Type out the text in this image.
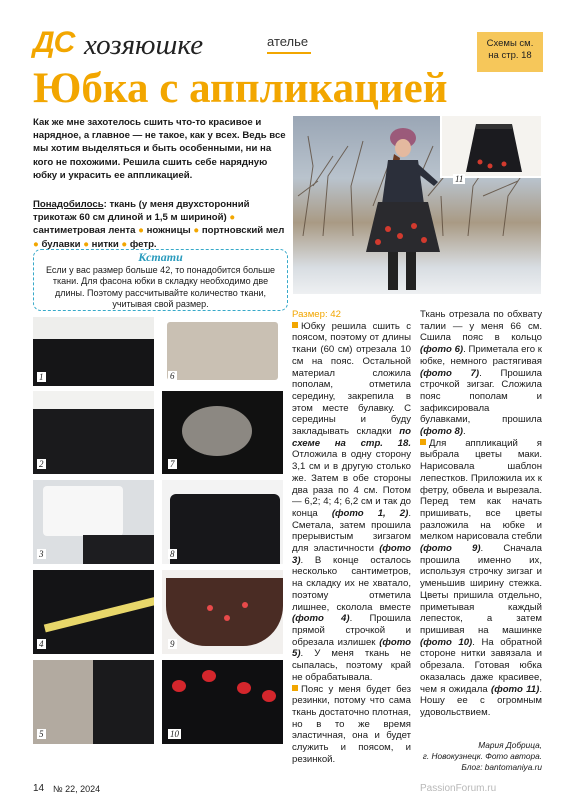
ДС хозяюшке	ателье	Схемы см.
на стр. 18
Юбка с аппликацией
Как же мне захотелось сшить что-то красивое и нарядное, а главное — не такое, как у всех. Ведь все мы хотим выделяться и быть особенными, ни на кого не похожими. Решила сшить себе нарядную юбку и украсить ее аппликацией.
Понадобилось: ткань (у меня двухсторонний трикотаж 60 см длиной и 1,5 м шириной) ● сантиметровая лента ● ножницы ● портновский мел ● булавки ● нитки ● фетр.
Кстати
Если у вас размер больше 42, то понадобится больше ткани. Для фасона юбки в складку необходимо две длины. Поэтому рассчитывайте количество ткани, учитывая свой размер.
11
1
2
3
4
5
6
7
8
9
10

Размер: 42

Юбку решила сшить с поясом, поэтому от длины ткани (60 см) отрезала 10 см на пояс. Остальной материал сложила пополам, отметила середину, закрепила в этом месте булавку. С середины и буду закладывать складки по схеме на стр. 18. Отложила в одну сторону 3,1 см и в другую столько же. Затем в обе стороны два раза по 4 см. Потом — 6,2; 4; 4; 6,2 см и так до конца (фото 1, 2). Сметала, затем прошила прерывистым зигзагом для эластичности (фото 3). В конце осталось несколько сантиметров, на складку их не хватало, поэтому отметила лишнее, сколола вместе (фото 4). Прошила прямой строчкой и обрезала излишек (фото 5). У меня ткань не сыпалась, поэтому край не обрабатывала.

Пояс у меня будет без резинки, потому что сама ткань достаточно плотная, но в то же время эластичная, она и будет служить и поясом, и резинкой.

Ткань отрезала по обхвату талии — у меня 66 см. Сшила пояс в кольцо (фото 6). Приметала его к юбке, немного растягивая (фото 7). Прошила строчкой зигзаг. Сложила пояс пополам и зафиксировала булавками, прошила (фото 8).

Для аппликаций я выбрала цветы маки. Нарисовала шаблон лепестков. Приложила их к фетру, обвела и вырезала. Перед тем как начать пришивать, все цветы разложила на юбке и мелком нарисовала стебли (фото 9). Сначала прошила именно их, используя строчку зигзаг и уменьшив ширину стежка. Цветы пришила отдельно, приметывая каждый лепесток, а затем пришивая на машинке (фото 10). На обратной стороне нитки завязала и обрезала. Готовая юбка оказалась даже красивее, чем я ожидала (фото 11). Ношу ее с огромным удовольствием.

Мария Добрица,
г. Новокузнецк. Фото автора.
Блог: bantomaniya.ru
14 № 22, 2024	PassionForum.ru
